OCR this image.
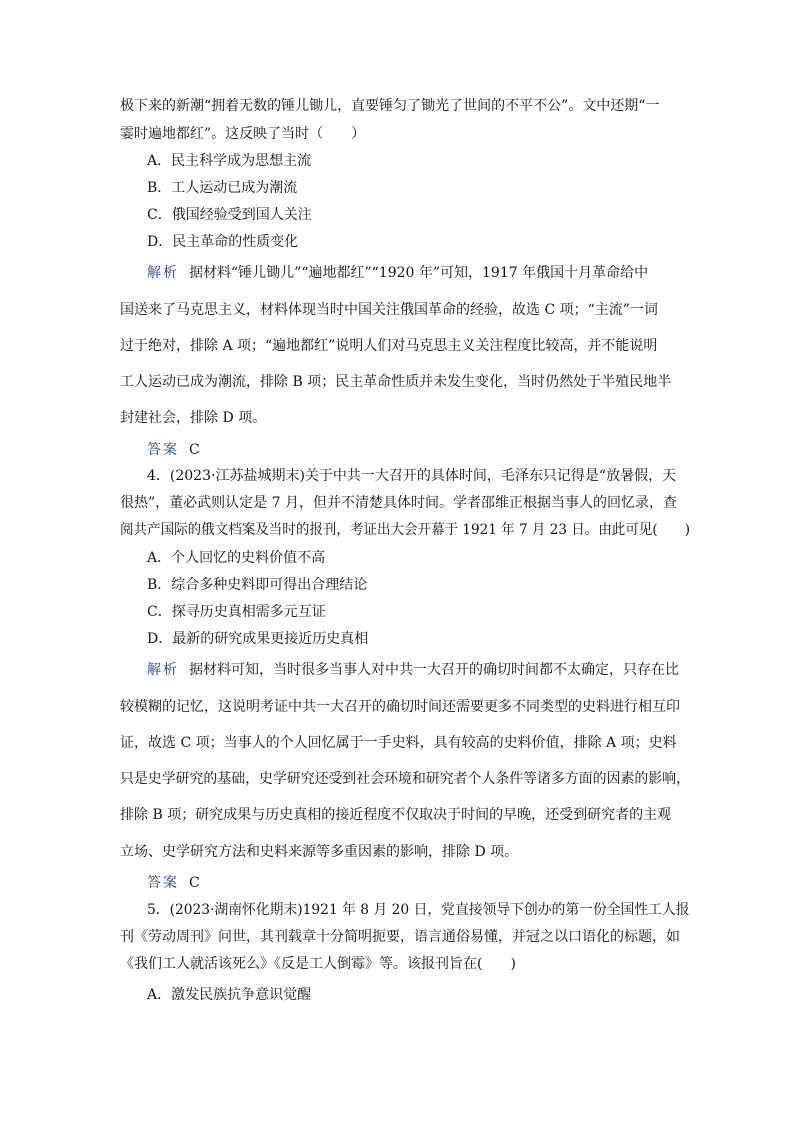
极下来的新潮“拥着无数的锤儿锄儿，直要锤匀了锄光了世间的不平不公”。文中还期“一
霎时遍地都红”。这反映了当时（　　）
A．民主科学成为思想主流
B．工人运动已成为潮流
C．俄国经验受到国人关注
D．民主革命的性质变化
解析 据材料“锤儿锄儿”“遍地都红”“1920 年”可知，1917 年俄国十月革命给中
国送来了马克思主义，材料体现当时中国关注俄国革命的经验，故选 C 项；“主流”一词
过于绝对，排除 A 项；“遍地都红”说明人们对马克思主义关注程度比较高，并不能说明
工人运动已成为潮流，排除 B 项；民主革命性质并未发生变化，当时仍然处于半殖民地半
封建社会，排除 D 项。
答案 C
4．(2023·江苏盐城期末)关于中共一大召开的具体时间，毛泽东只记得是“放暑假，天
很热”，董必武则认定是 7 月，但并不清楚具体时间。学者邵维正根据当事人的回忆录，查
阅共产国际的俄文档案及当时的报刊，考证出大会开幕于 1921 年 7 月 23 日。由此可见(　　)
A．个人回忆的史料价值不高
B．综合多种史料即可得出合理结论
C．探寻历史真相需多元互证
D．最新的研究成果更接近历史真相
解析 据材料可知，当时很多当事人对中共一大召开的确切时间都不太确定，只存在比
较模糊的记忆，这说明考证中共一大召开的确切时间还需要更多不同类型的史料进行相互印
证，故选 C 项；当事人的个人回忆属于一手史料，具有较高的史料价值，排除 A 项；史料
只是史学研究的基础，史学研究还受到社会环境和研究者个人条件等诸多方面的因素的影响，
排除 B 项；研究成果与历史真相的接近程度不仅取决于时间的早晚，还受到研究者的主观
立场、史学研究方法和史料来源等多重因素的影响，排除 D 项。
答案 C
5．(2023·湖南怀化期末)1921 年 8 月 20 日，党直接领导下创办的第一份全国性工人报
刊《劳动周刊》问世，其刊载章十分简明扼要，语言通俗易懂，并冠之以口语化的标题，如
《我们工人就活该死么》《反是工人倒霉》等。该报刊旨在(　　)
A．激发民族抗争意识觉醒
